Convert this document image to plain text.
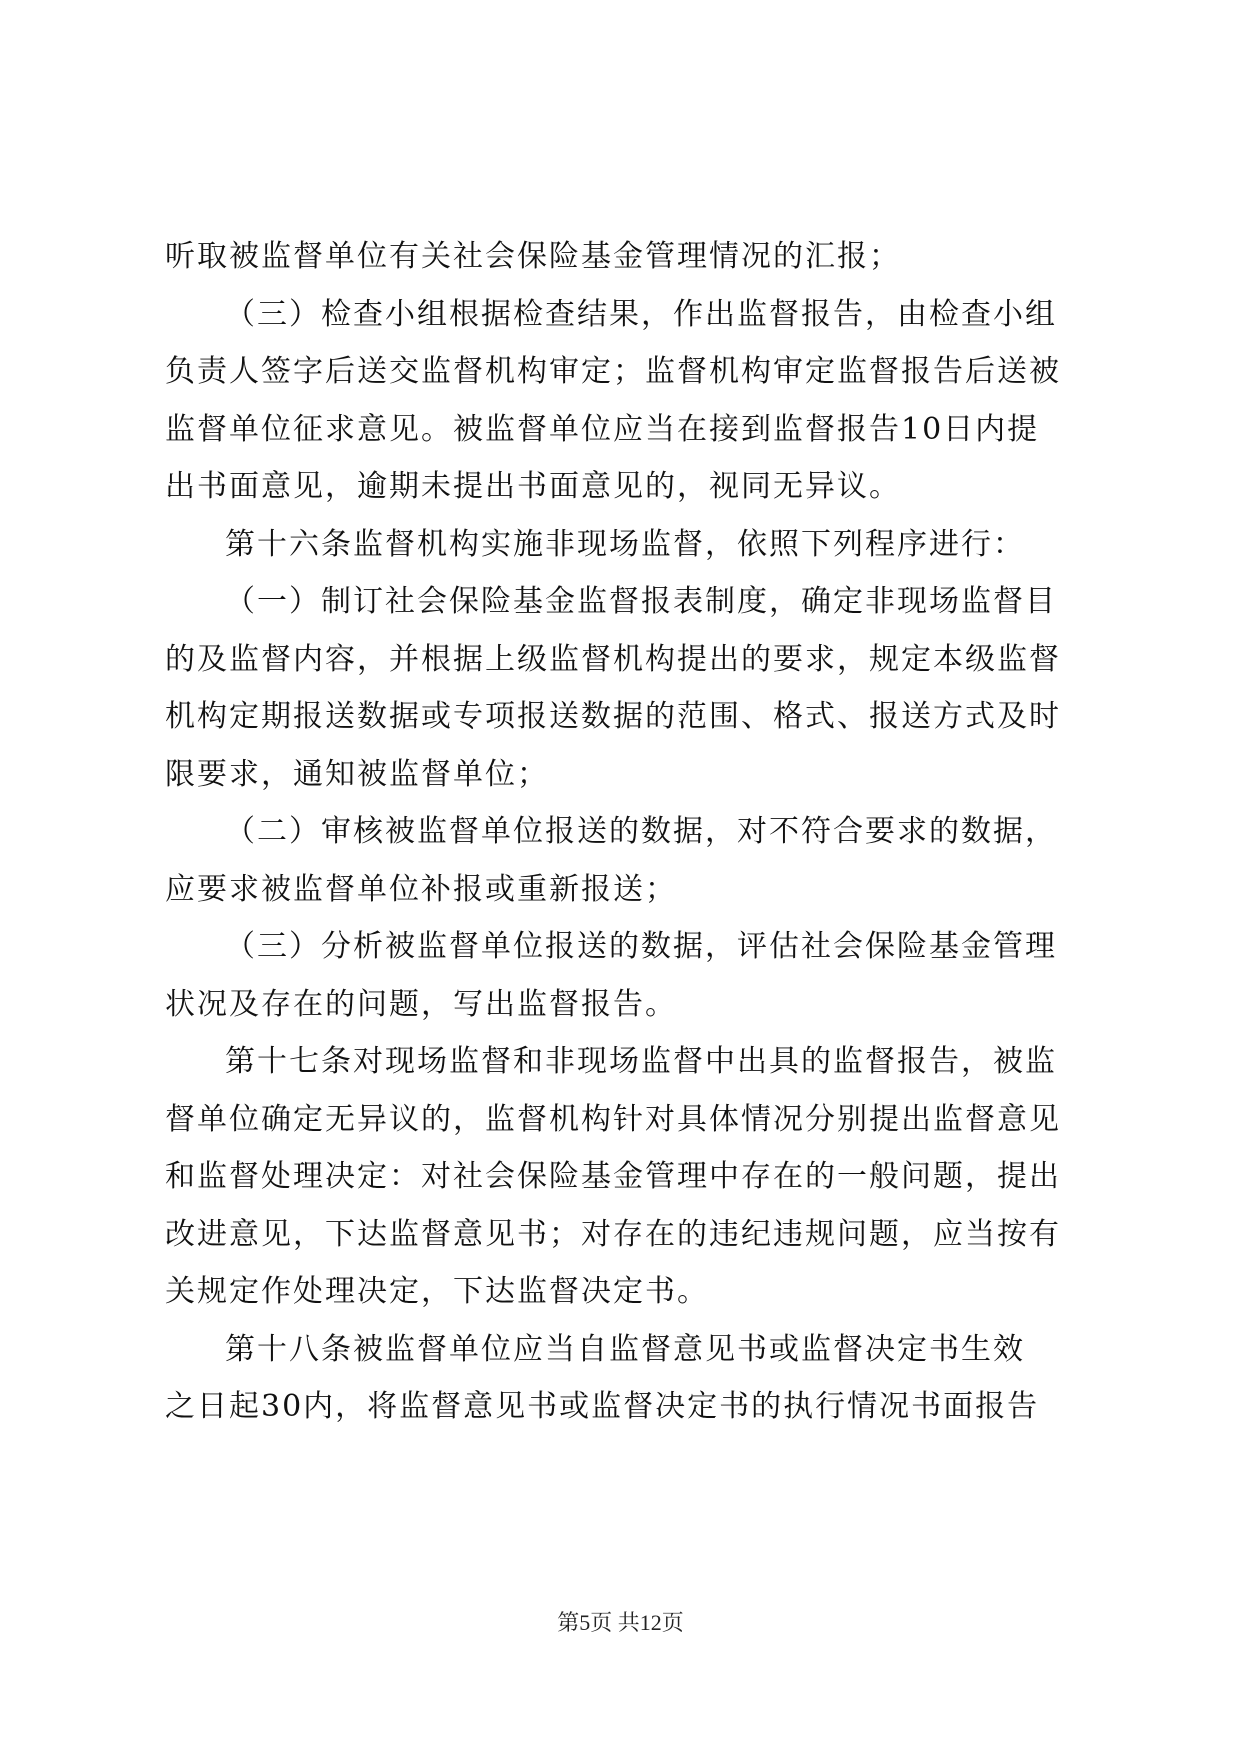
听取被监督单位有关社会保险基金管理情况的汇报；
（三）检查小组根据检查结果，作出监督报告，由检查小组
负责人签字后送交监督机构审定；监督机构审定监督报告后送被
监督单位征求意见。被监督单位应当在接到监督报告10日内提
出书面意见，逾期未提出书面意见的，视同无异议。
第十六条监督机构实施非现场监督，依照下列程序进行：
（一）制订社会保险基金监督报表制度，确定非现场监督目
的及监督内容，并根据上级监督机构提出的要求，规定本级监督
机构定期报送数据或专项报送数据的范围、格式、报送方式及时
限要求，通知被监督单位；
（二）审核被监督单位报送的数据，对不符合要求的数据，
应要求被监督单位补报或重新报送；
（三）分析被监督单位报送的数据，评估社会保险基金管理
状况及存在的问题，写出监督报告。
第十七条对现场监督和非现场监督中出具的监督报告，被监
督单位确定无异议的，监督机构针对具体情况分别提出监督意见
和监督处理决定：对社会保险基金管理中存在的一般问题，提出
改进意见，下达监督意见书；对存在的违纪违规问题，应当按有
关规定作处理决定，下达监督决定书。
第十八条被监督单位应当自监督意见书或监督决定书生效
之日起30内，将监督意见书或监督决定书的执行情况书面报告
第5页 共12页
